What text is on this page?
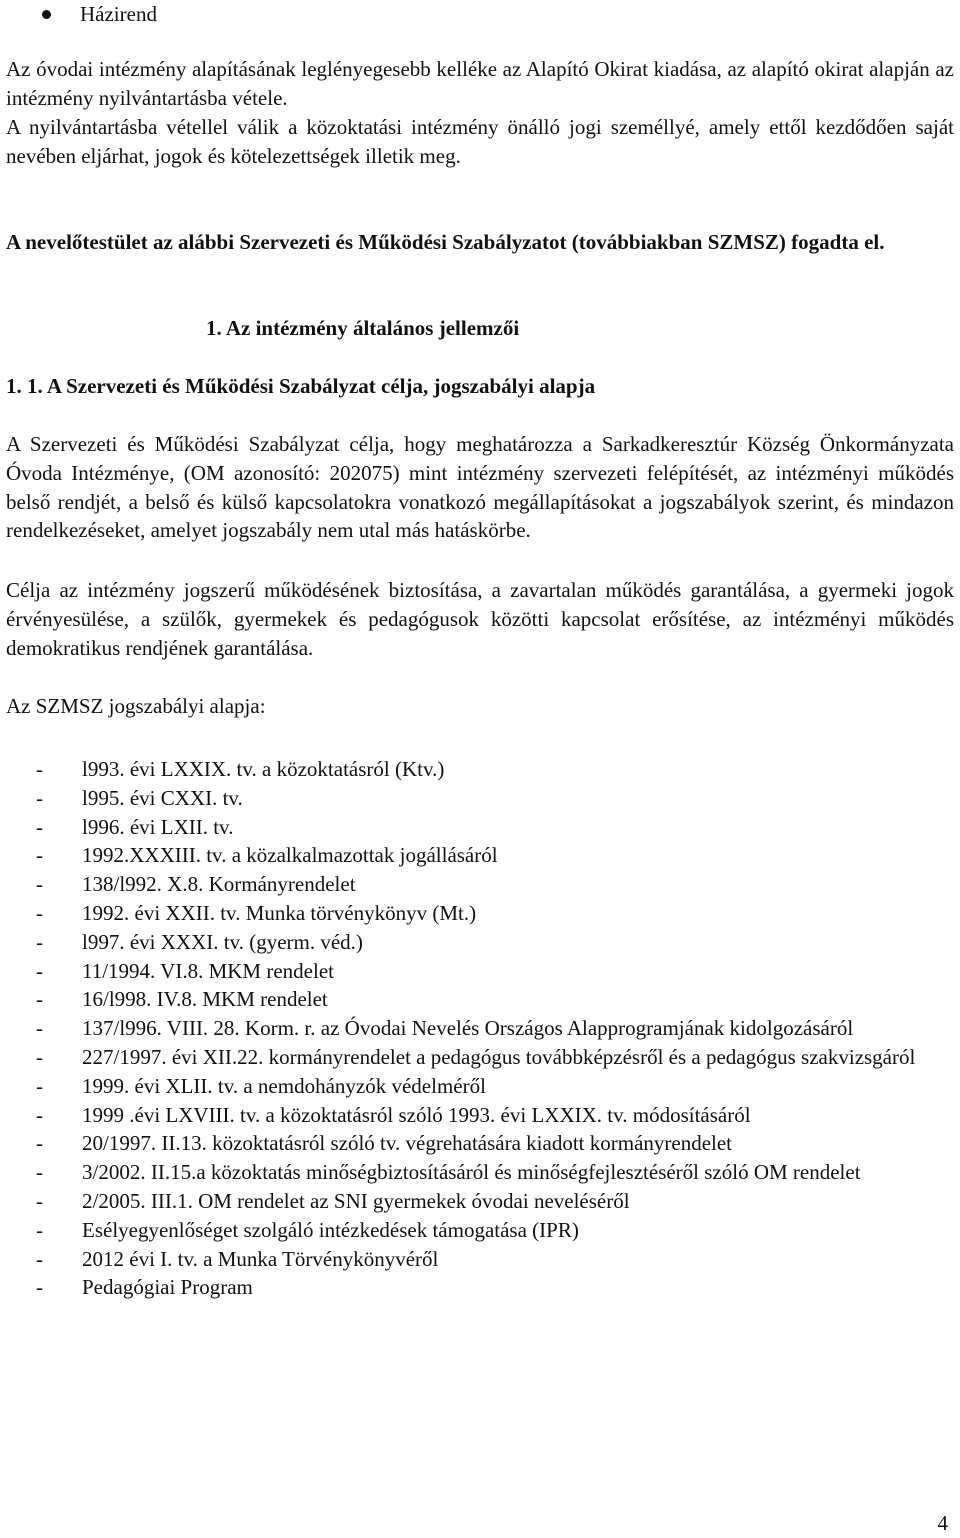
Házirend

Az óvodai intézmény alapításának leglényegesebb kelléke az Alapító Okirat kiadása, az alapító okirat alapján az intézmény nyilvántartásba vétele.

A nyilvántartásba vétellel válik a közoktatási intézmény önálló jogi személlyé, amely ettől kezdődően saját nevében eljárhat, jogok és kötelezettségek illetik meg.

A nevelőtestület az alábbi Szervezeti és Működési Szabályzatot (továbbiakban SZMSZ) fogadta el.

1. Az intézmény általános jellemzői
1. 1. A Szervezeti és Működési Szabályzat célja, jogszabályi alapja

A Szervezeti és Működési Szabályzat célja, hogy meghatározza a Sarkadkeresztúr Község Önkormányzata Óvoda Intézménye, (OM azonosító: 202075) mint intézmény szervezeti felépítését, az intézményi működés belső rendjét, a belső és külső kapcsolatokra vonatkozó megállapításokat a jogszabályok szerint, és mindazon rendelkezéseket, amelyet jogszabály nem utal más hatáskörbe.

Célja az intézmény jogszerű működésének biztosítása, a zavartalan működés garantálása, a gyermeki jogok érvényesülése, a szülők, gyermekek és pedagógusok közötti kapcsolat erősítése, az intézményi működés demokratikus rendjének garantálása.

Az SZMSZ jogszabályi alapja:
- l993. évi LXXIX. tv. a közoktatásról (Ktv.)
- l995. évi CXXI. tv.
- l996. évi LXII. tv.
- 1992.XXXIII. tv. a közalkalmazottak jogállásáról
- 138/l992. X.8. Kormányrendelet
- 1992. évi XXII. tv. Munka törvénykönyv (Mt.)
- l997. évi XXXI. tv. (gyerm. véd.)
- 11/1994. VI.8. MKM rendelet
- 16/l998. IV.8. MKM rendelet
- 137/l996. VIII. 28. Korm. r. az Óvodai Nevelés Országos Alapprogramjának kidolgozásáról
- 227/1997. évi XII.22. kormányrendelet a pedagógus továbbképzésről és a pedagógus szakvizsgáról
- 1999. évi XLII. tv. a nemdohányzók védelméről
- 1999 .évi LXVIII. tv. a közoktatásról szóló 1993. évi LXXIX. tv. módosításáról
- 20/1997. II.13. közoktatásról szóló tv. végrehatására kiadott kormányrendelet
- 3/2002. II.15.a közoktatás minőségbiztosításáról és minőségfejlesztéséről szóló OM rendelet
- 2/2005. III.1. OM rendelet az SNI gyermekek óvodai neveléséről
- Esélyegyenlőséget szolgáló intézkedések támogatása (IPR)
- 2012 évi I. tv. a Munka Törvénykönyvéről
- Pedagógiai Program
4
